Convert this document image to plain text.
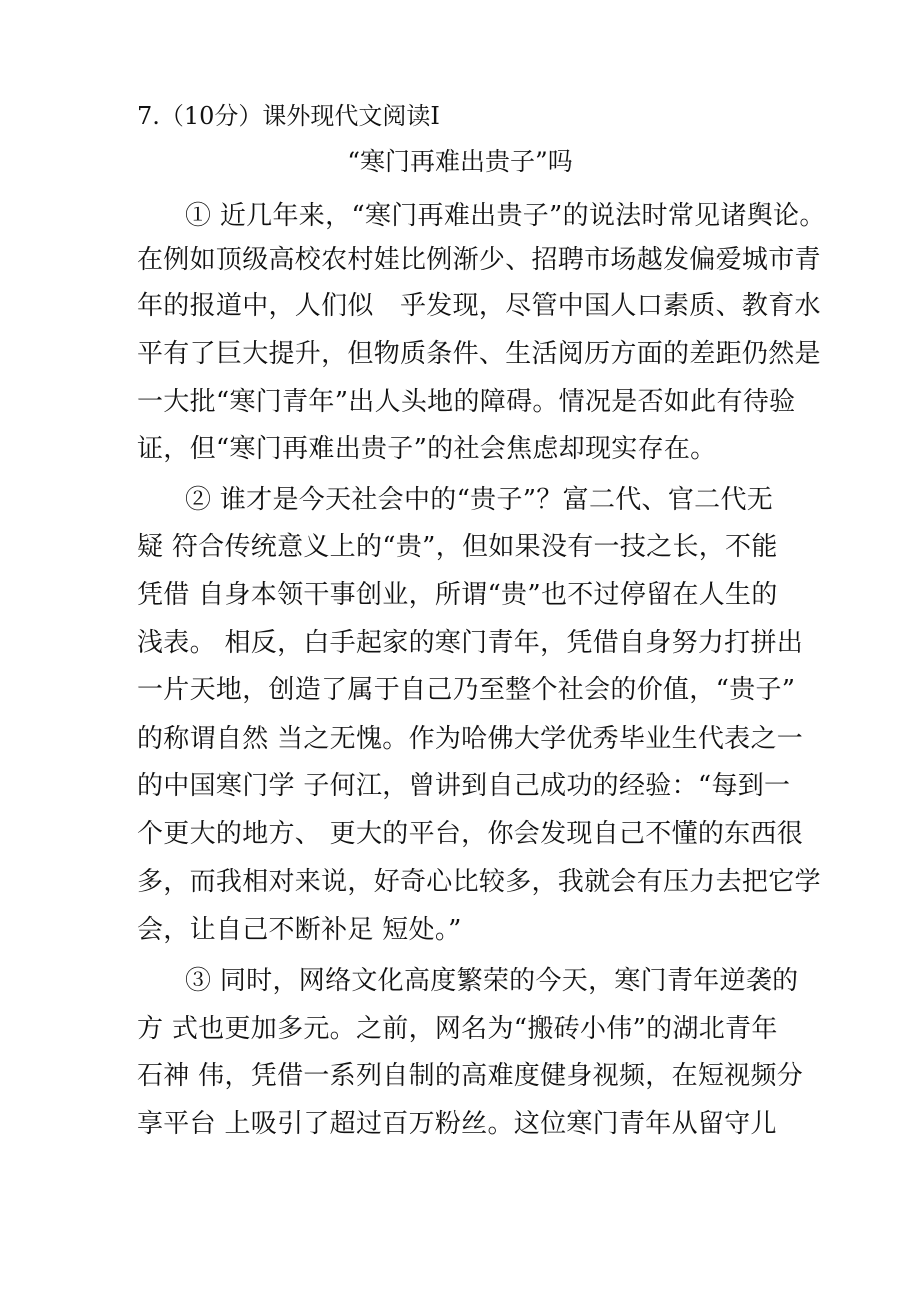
7.（10分）课外现代文阅读Ⅰ
“寒门再难出贵子”吗
① 近几年来，“寒门再难出贵子”的说法时常见诸舆论。
在例如顶级高校农村娃比例渐少、招聘市场越发偏爱城市青
年的报道中，人们似　乎发现，尽管中国人口素质、教育水
平有了巨大提升，但物质条件、生活阅历方面的差距仍然是
一大批“寒门青年”出人头地的障碍。情况是否如此有待验
证，但“寒门再难出贵子”的社会焦虑却现实存在。
② 谁才是今天社会中的“贵子”？富二代、官二代无
疑 符合传统意义上的“贵”，但如果没有一技之长，不能
凭借 自身本领干事创业，所谓“贵”也不过停留在人生的
浅表。 相反，白手起家的寒门青年，凭借自身努力打拼出
一片天地，创造了属于自己乃至整个社会的价值，“贵子”
的称谓自然 当之无愧。作为哈佛大学优秀毕业生代表之一
的中国寒门学 子何江，曾讲到自己成功的经验：“每到一
个更大的地方、 更大的平台，你会发现自己不懂的东西很
多，而我相对来说，好奇心比较多，我就会有压力去把它学
会，让自己不断补足 短处。”
③ 同时，网络文化高度繁荣的今天，寒门青年逆袭的
方 式也更加多元。之前，网名为“搬砖小伟”的湖北青年
石神 伟，凭借一系列自制的高难度健身视频，在短视频分
享平台 上吸引了超过百万粉丝。这位寒门青年从留守儿
